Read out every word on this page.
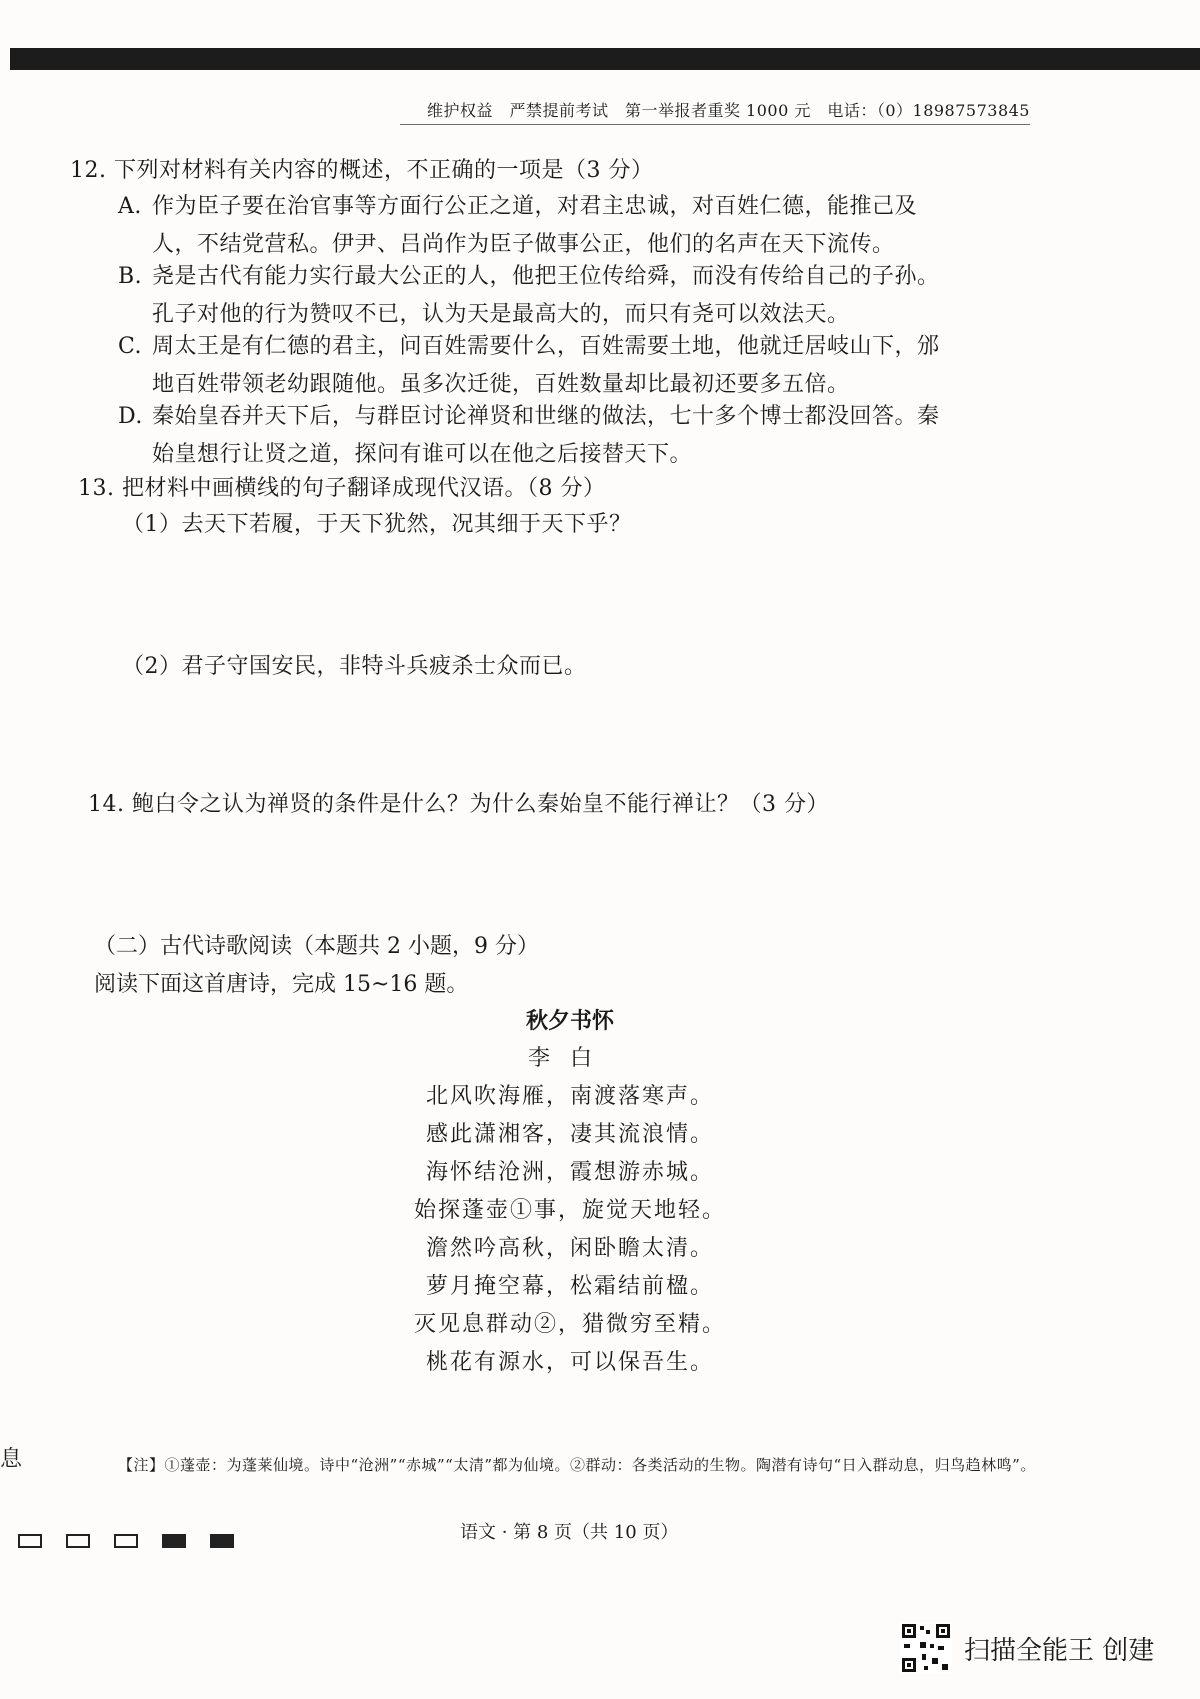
维护权益　严禁提前考试　第一举报者重奖 1000 元　电话：（0）18987573845
12. 下列对材料有关内容的概述，不正确的一项是（3 分）
A. 作为臣子要在治官事等方面行公正之道，对君主忠诚，对百姓仁德，能推己及
人，不结党营私。伊尹、吕尚作为臣子做事公正，他们的名声在天下流传。
B. 尧是古代有能力实行最大公正的人，他把王位传给舜，而没有传给自己的子孙。
孔子对他的行为赞叹不已，认为天是最高大的，而只有尧可以效法天。
C. 周太王是有仁德的君主，问百姓需要什么，百姓需要土地，他就迁居岐山下，邠
地百姓带领老幼跟随他。虽多次迁徙，百姓数量却比最初还要多五倍。
D. 秦始皇吞并天下后，与群臣讨论禅贤和世继的做法，七十多个博士都没回答。秦
始皇想行让贤之道，探问有谁可以在他之后接替天下。
13. 把材料中画横线的句子翻译成现代汉语。（8 分）
（1）去天下若履，于天下犹然，况其细于天下乎？
（2）君子守国安民，非特斗兵疲杀士众而已。
14. 鲍白令之认为禅贤的条件是什么？为什么秦始皇不能行禅让？（3 分）
（二）古代诗歌阅读（本题共 2 小题，9 分）
阅读下面这首唐诗，完成 15~16 题。
秋夕书怀
李白
北风吹海雁，南渡落寒声。
感此潇湘客，凄其流浪情。
海怀结沧洲，霞想游赤城。
始探蓬壶①事，旋觉天地轻。
澹然吟高秋，闲卧瞻太清。
萝月掩空幕，松霜结前楹。
灭见息群动②，猎微穷至精。
桃花有源水，可以保吾生。
【注】①蓬壶：为蓬莱仙境。诗中“沧洲”“赤城”“太清”都为仙境。②群动：各类活动的生物。陶潜有诗句“日入群动息，归鸟趋林鸣”。
息
语文 · 第 8 页（共 10 页）
扫描全能王 创建
